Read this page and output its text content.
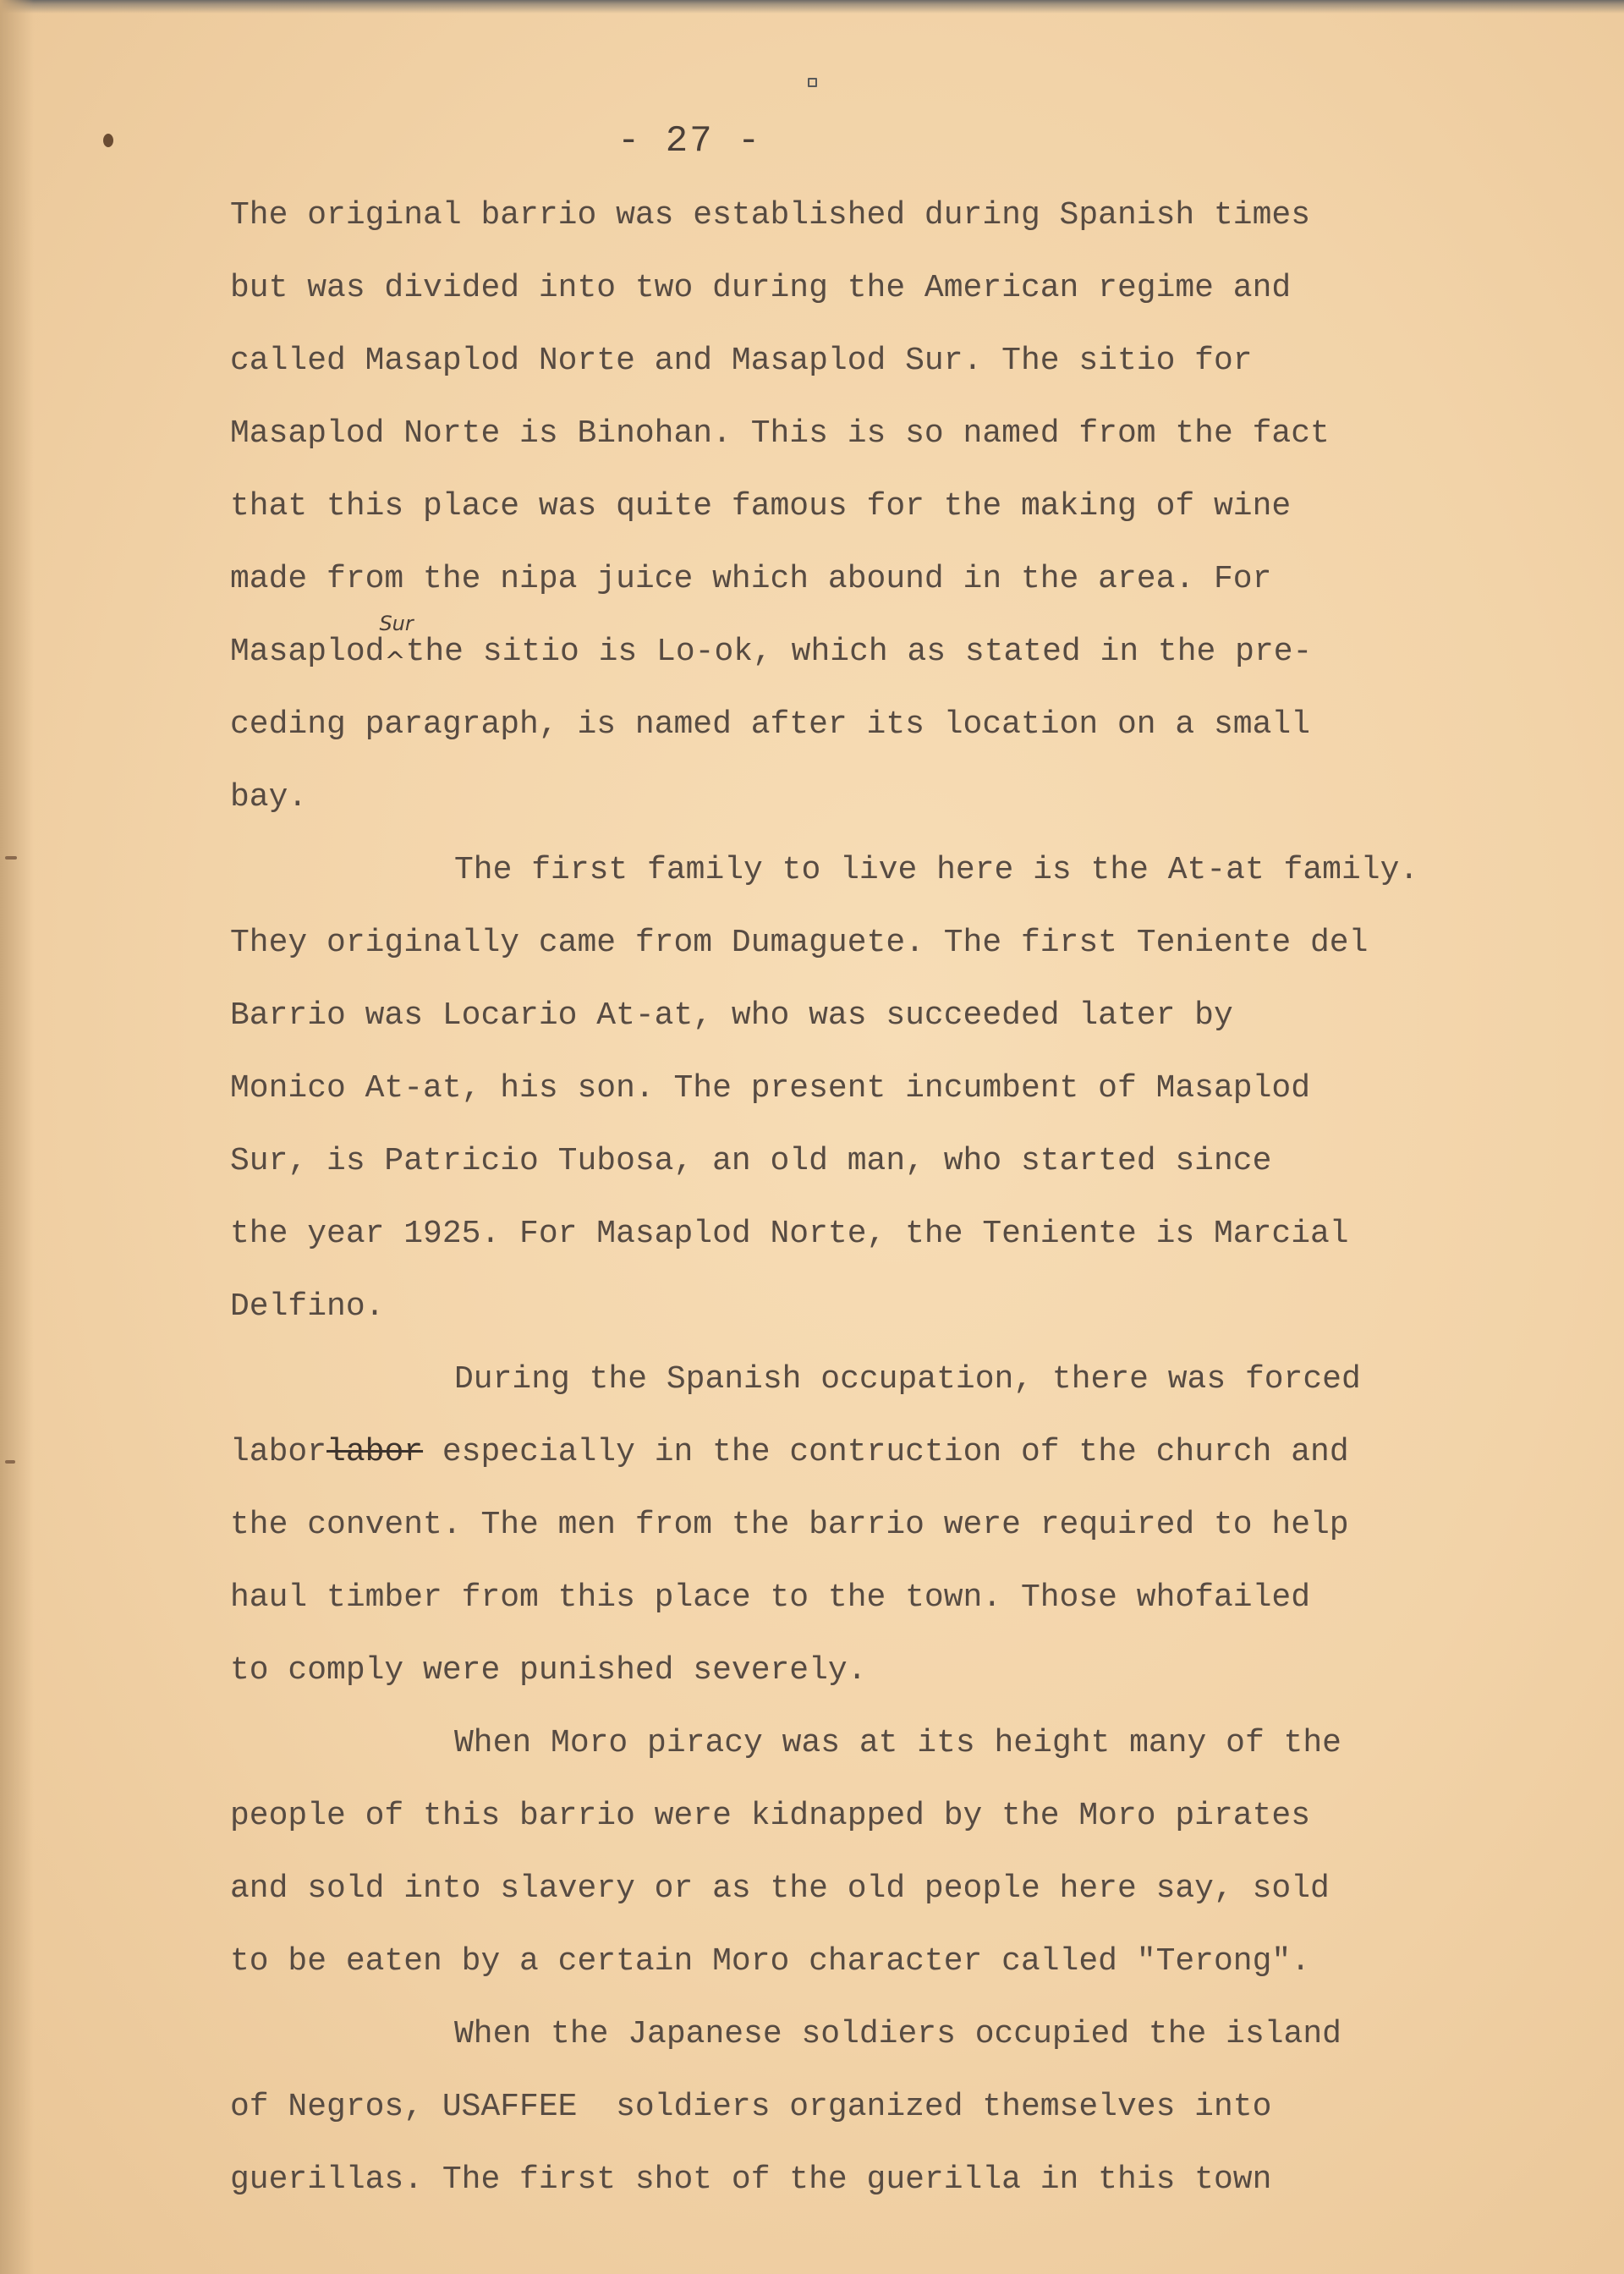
- 27 -
The original barrio was established during Spanish times
but was divided into two during the American regime and
called Masaplod Norte and Masaplod Sur. The sitio for
Masaplod Norte is Binohan. This is so named from the fact
that this place was quite famous for the making of wine
made from the nipa juice which abound in the area. For
Masaplod
Sur
^the sitio is Lo-ok, which as stated in the pre-
ceding paragraph, is named after its location on a small
bay.
The first family to live here is the At-at family.
They originally came from Dumaguete. The first Teniente del
Barrio was Locario At-at, who was succeeded later by
Monico At-at, his son. The present incumbent of Masaplod
Sur, is Patricio Tubosa, an old man, who started since
the year 1925. For Masaplod Norte, the Teniente is Marcial
Delfino.
During the Spanish occupation, there was forced
laborlabor especially in the contruction of the church and
the convent. The men from the barrio were required to help
haul timber from this place to the town. Those whofailed
to comply were punished severely.
When Moro piracy was at its height many of the
people of this barrio were kidnapped by the Moro pirates
and sold into slavery or as the old people here say, sold
to be eaten by a certain Moro character called "Terong".
When the Japanese soldiers occupied the island
of Negros, USAFFEE  soldiers organized themselves into
guerillas. The first shot of the guerilla in this town
